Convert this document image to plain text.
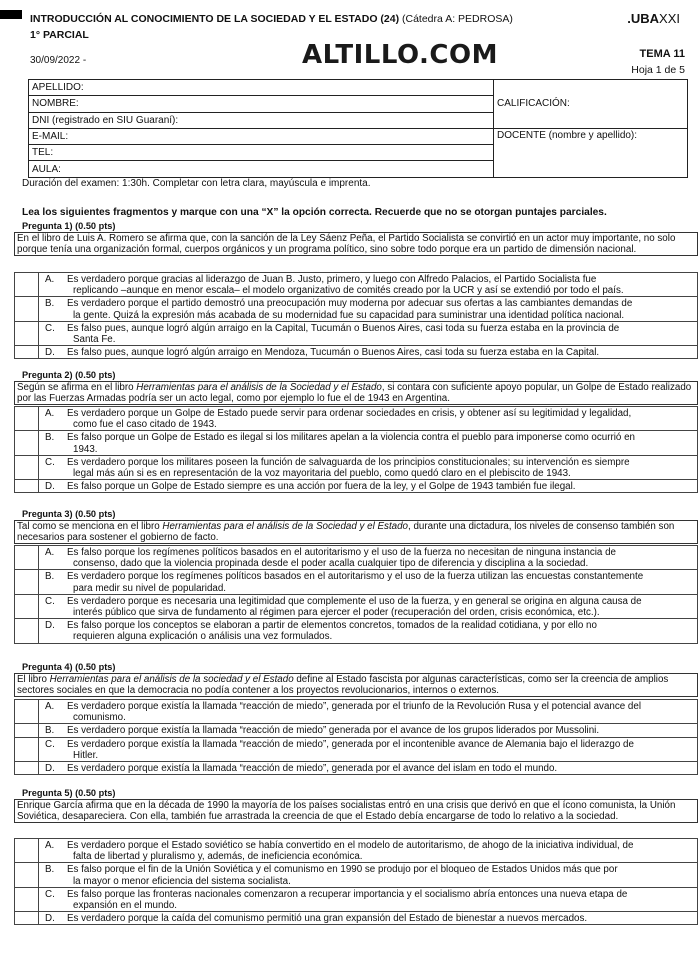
INTRODUCCIÓN AL CONOCIMIENTO DE LA SOCIEDAD Y EL ESTADO (24) (Cátedra A: PEDROSA)
1° PARCIAL
30/09/2022 -	ALTILLO.COM
.UBAXXI
TEMA 11
Hoja 1 de 5
APELLIDO:	CALIFICACIÓN:
NOMBRE:	
DNI (registrado en SIU Guaraní):	
E-MAIL:	DOCENTE (nombre y apellido):
TEL:	
AULA:	
Duración del examen: 1:30h. Completar con letra clara, mayúscula e imprenta.
Lea los siguientes fragmentos y marque con una “X” la opción correcta. Recuerde que no se otorgan puntajes parciales.
Pregunta 1) (0.50 pts)
En el libro de Luis A. Romero se afirma que, con la sanción de la Ley Sáenz Peña, el Partido Socialista se convirtió en un actor muy importante, no solo porque tenía una organización formal, cuerpos orgánicos y un programa político, sino sobre todo porque era un partido de dimensión nacional.
	A. Es verdadero porque gracias al liderazgo de Juan B. Justo, primero, y luego con Alfredo Palacios, el Partido Socialista fue
replicando –aunque en menor escala– el modelo organizativo de comités creado por la UCR y así se extendió por todo el país.

	B. Es verdadero porque el partido demostró una preocupación muy moderna por adecuar sus ofertas a las cambiantes demandas de
la gente. Quizá la expresión más acabada de su modernidad fue su capacidad para suministrar una identidad política nacional.

	C. Es falso pues, aunque logró algún arraigo en la Capital, Tucumán o Buenos Aires, casi toda su fuerza estaba en la provincia de
Santa Fe.

	D. Es falso pues, aunque logró algún arraigo en Mendoza, Tucumán o Buenos Aires, casi toda su fuerza estaba en la Capital.
Pregunta 2) (0.50 pts)
Según se afirma en el libro Herramientas para el análisis de la Sociedad y el Estado, si contara con suficiente apoyo popular, un Golpe de Estado realizado por las Fuerzas Armadas podría ser un acto legal, como por ejemplo lo fue el de 1943 en Argentina.
	A. Es verdadero porque un Golpe de Estado puede servir para ordenar sociedades en crisis, y obtener así su legitimidad y legalidad,
como fue el caso citado de 1943.

	B. Es falso porque un Golpe de Estado es ilegal si los militares apelan a la violencia contra el pueblo para imponerse como ocurrió en
1943.

	C. Es verdadero porque los militares poseen la función de salvaguarda de los principios constitucionales; su intervención es siempre
legal más aún si es en representación de la voz mayoritaria del pueblo, como quedó claro en el plebiscito de 1943.

	D. Es falso porque un Golpe de Estado siempre es una acción por fuera de la ley, y el Golpe de 1943 también fue ilegal.
Pregunta 3) (0.50 pts)
Tal como se menciona en el libro Herramientas para el análisis de la Sociedad y el Estado, durante una dictadura, los niveles de consenso también son necesarios para sostener el gobierno de facto.
	A. Es falso porque los regímenes políticos basados en el autoritarismo y el uso de la fuerza no necesitan de ninguna instancia de
consenso, dado que la violencia propinada desde el poder acalla cualquier tipo de diferencia y disciplina a la sociedad.

	B. Es verdadero porque los regímenes políticos basados en el autoritarismo y el uso de la fuerza utilizan las encuestas constantemente
para medir su nivel de popularidad.

	C. Es verdadero porque es necesaria una legitimidad que complemente el uso de la fuerza, y en general se origina en alguna causa de
interés público que sirva de fundamento al régimen para ejercer el poder (recuperación del orden, crisis económica, etc.).

	D. Es falso porque los conceptos se elaboran a partir de elementos concretos, tomados de la realidad cotidiana, y por ello no
requieren alguna explicación o análisis una vez formulados.
Pregunta 4) (0.50 pts)
El libro Herramientas para el análisis de la sociedad y el Estado define al Estado fascista por algunas características, como ser la creencia de amplios sectores sociales en que la democracia no podía contener a los proyectos revolucionarios, internos o externos.
	A. Es verdadero porque existía la llamada “reacción de miedo”, generada por el triunfo de la Revolución Rusa y el potencial avance del
comunismo.

	B. Es verdadero porque existía la llamada “reacción de miedo” generada por el avance de los grupos liderados por Mussolini.
	C. Es verdadero porque existía la llamada “reacción de miedo”, generada por el incontenible avance de Alemania bajo el liderazgo de
Hitler.

	D. Es verdadero porque existía la llamada “reacción de miedo”, generada por el avance del islam en todo el mundo.
Pregunta 5) (0.50 pts)
Enrique García afirma que en la década de 1990 la mayoría de los países socialistas entró en una crisis que derivó en que el ícono comunista, la Unión Soviética, desapareciera. Con ella, también fue arrastrada la creencia de que el Estado debía encargarse de todo lo relativo a la sociedad.
	A. Es verdadero porque el Estado soviético se había convertido en el modelo de autoritarismo, de ahogo de la iniciativa individual, de
falta de libertad y pluralismo y, además, de ineficiencia económica.

	B. Es falso porque el fin de la Unión Soviética y el comunismo en 1990 se produjo por el bloqueo de Estados Unidos más que por
la mayor o menor eficiencia del sistema socialista.

	C. Es falso porque las fronteras nacionales comenzaron a recuperar importancia y el socialismo abría entonces una nueva etapa de
expansión en el mundo.

	D. Es verdadero porque la caída del comunismo permitió una gran expansión del Estado de bienestar a nuevos mercados.
